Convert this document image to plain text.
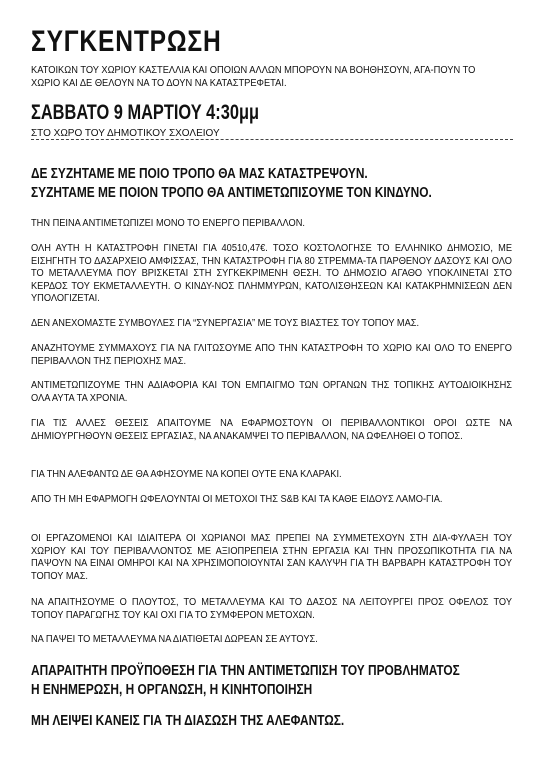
ΣΥΓΚΕΝΤΡΩΣΗ
ΚΑΤΟΙΚΩΝ ΤΟΥ ΧΩΡΙΟΥ ΚΑΣΤΕΛΛΙΑ ΚΑΙ ΟΠΟΙΩΝ ΑΛΛΩΝ ΜΠΟΡΟΥΝ ΝΑ ΒΟΗΘΗΣΟΥΝ, ΑΓΑ-ΠΟΥΝ ΤΟ ΧΩΡΙΟ ΚΑΙ ΔΕ ΘΕΛΟΥΝ ΝΑ ΤΟ ΔΟΥΝ ΝΑ ΚΑΤΑΣΤΡΕΦΕΤΑΙ.
ΣΑΒΒΑΤΟ 9 ΜΑΡΤΙΟΥ 4:30μμ
ΣΤΟ ΧΩΡΟ ΤΟΥ ΔΗΜΟΤΙΚΟΥ ΣΧΟΛΕΙΟΥ
ΔΕ ΣΥΖΗΤΑΜΕ ΜΕ ΠΟΙΟ ΤΡΟΠΟ ΘΑ ΜΑΣ ΚΑΤΑΣΤΡΕΨΟΥΝ.
ΣΥΖΗΤΑΜΕ ΜΕ ΠΟΙΟΝ ΤΡΟΠΟ ΘΑ ΑΝΤΙΜΕΤΩΠΙΣΟΥΜΕ ΤΟΝ ΚΙΝΔΥΝΟ.
ΤΗΝ ΠΕΙΝΑ ΑΝΤΙΜΕΤΩΠΙΖΕΙ ΜΟΝΟ ΤΟ ΕΝΕΡΓΟ ΠΕΡΙΒΑΛΛΟΝ.
ΟΛΗ ΑΥΤΗ Η ΚΑΤΑΣΤΡΟΦΗ ΓΙΝΕΤΑΙ ΓΙΑ 40510,47€. ΤΟΣΟ ΚΟΣΤΟΛΟΓΗΣΕ ΤΟ ΕΛΛΗΝΙΚΟ ΔΗΜΟΣΙΟ, ΜΕ ΕΙΣΗΓΗΤΗ ΤΟ ΔΑΣΑΡΧΕΙΟ ΑΜΦΙΣΣΑΣ, ΤΗΝ ΚΑΤΑΣΤΡΟΦΗ ΓΙΑ 80 ΣΤΡΕΜΜΑ-ΤΑ ΠΑΡΘΕΝΟΥ ΔΑΣΟΥΣ ΚΑΙ ΟΛΟ ΤΟ ΜΕΤΑΛΛΕΥΜΑ ΠΟΥ ΒΡΙΣΚΕΤΑΙ ΣΤΗ ΣΥΓΚΕΚΡΙΜΕΝΗ ΘΕΣΗ. ΤΟ ΔΗΜΟΣΙΟ ΑΓΑΘΟ ΥΠΟΚΛΙΝΕΤΑΙ ΣΤΟ ΚΕΡΔΟΣ ΤΟΥ ΕΚΜΕΤΑΛΛΕΥΤΗ. Ο ΚΙΝΔΥ-ΝΟΣ ΠΛΗΜΜΥΡΩΝ, ΚΑΤΟΛΙΣΘΗΣΕΩΝ ΚΑΙ ΚΑΤΑΚΡΗΜΝΙΣΕΩΝ ΔΕΝ ΥΠΟΛΟΓΙΖΕΤΑΙ.
ΔΕΝ ΑΝΕΧΟΜΑΣΤΕ ΣΥΜΒΟΥΛΕΣ ΓΙΑ “ΣΥΝΕΡΓΑΣΙΑ” ΜΕ ΤΟΥΣ ΒΙΑΣΤΕΣ ΤΟΥ ΤΟΠΟΥ ΜΑΣ.
ΑΝΑΖΗΤΟΥΜΕ ΣΥΜΜΑΧΟΥΣ ΓΙΑ ΝΑ ΓΛΙΤΩΣΟΥΜΕ ΑΠΟ ΤΗΝ ΚΑΤΑΣΤΡΟΦΗ ΤΟ ΧΩΡΙΟ ΚΑΙ ΟΛΟ ΤΟ ΕΝΕΡΓΟ ΠΕΡΙΒΑΛΛΟΝ ΤΗΣ ΠΕΡΙΟΧΗΣ ΜΑΣ.
ΑΝΤΙΜΕΤΩΠΙΖΟΥΜΕ ΤΗΝ ΑΔΙΑΦΟΡΙΑ ΚΑΙ ΤΟΝ ΕΜΠΑΙΓΜΟ ΤΩΝ ΟΡΓΑΝΩΝ ΤΗΣ ΤΟΠΙΚΗΣ ΑΥΤΟΔΙΟΙΚΗΣΗΣ ΟΛΑ ΑΥΤΑ ΤΑ ΧΡΟΝΙΑ.
ΓΙΑ ΤΙΣ ΑΛΛΕΣ ΘΕΣΕΙΣ ΑΠΑΙΤΟΥΜΕ ΝΑ ΕΦΑΡΜΟΣΤΟΥΝ ΟΙ ΠΕΡΙΒΑΛΛΟΝΤΙΚΟΙ ΟΡΟΙ ΩΣΤΕ ΝΑ ΔΗΜΙΟΥΡΓΗΘΟΥΝ ΘΕΣΕΙΣ ΕΡΓΑΣΙΑΣ, ΝΑ ΑΝΑΚΑΜΨΕΙ ΤΟ ΠΕΡΙΒΑΛΛΟΝ, ΝΑ ΩΦΕΛΗΘΕΙ Ο ΤΟΠΟΣ.
ΓΙΑ ΤΗΝ ΑΛΕΦΑΝΤΩ ΔΕ ΘΑ ΑΦΗΣΟΥΜΕ ΝΑ ΚΟΠΕΙ ΟΥΤΕ ΕΝΑ ΚΛΑΡΑΚΙ.
ΑΠΟ ΤΗ ΜΗ ΕΦΑΡΜΟΓΗ ΩΦΕΛΟΥΝΤΑΙ ΟΙ ΜΕΤΟΧΟΙ ΤΗΣ S&B ΚΑΙ ΤΑ ΚΑΘΕ ΕΙΔΟΥΣ ΛΑΜΟ-ΓΙΑ.
ΟΙ ΕΡΓΑΖΟΜΕΝΟΙ ΚΑΙ ΙΔΙΑΙΤΕΡΑ ΟΙ ΧΩΡΙΑΝΟΙ ΜΑΣ ΠΡΕΠΕΙ ΝΑ ΣΥΜΜΕΤΕΧΟΥΝ ΣΤΗ ΔΙΑ-ΦΥΛΑΞΗ ΤΟΥ ΧΩΡΙΟΥ ΚΑΙ ΤΟΥ ΠΕΡΙΒΑΛΛΟΝΤΟΣ ΜΕ ΑΞΙΟΠΡΕΠΕΙΑ ΣΤΗΝ ΕΡΓΑΣΙΑ ΚΑΙ ΤΗΝ ΠΡΟΣΩΠΙΚΟΤΗΤΑ ΓΙΑ ΝΑ ΠΑΨΟΥΝ ΝΑ ΕΙΝΑΙ ΟΜΗΡΟΙ ΚΑΙ ΝΑ ΧΡΗΣΙΜΟΠΟΙΟΥΝΤΑΙ ΣΑΝ ΚΑΛΥΨΗ ΓΙΑ ΤΗ ΒΑΡΒΑΡΗ ΚΑΤΑΣΤΡΟΦΗ ΤΟΥ ΤΟΠΟΥ ΜΑΣ.
ΝΑ ΑΠΑΙΤΗΣΟΥΜΕ Ο ΠΛΟΥΤΟΣ, ΤΟ ΜΕΤΑΛΛΕΥΜΑ ΚΑΙ ΤΟ ΔΑΣΟΣ ΝΑ ΛΕΙΤΟΥΡΓΕΙ ΠΡΟΣ ΟΦΕΛΟΣ ΤΟΥ ΤΟΠΟΥ ΠΑΡΑΓΩΓΗΣ ΤΟΥ ΚΑΙ ΟΧΙ ΓΙΑ ΤΟ ΣΥΜΦΕΡΟΝ ΜΕΤΟΧΩΝ.
ΝΑ ΠΑΨΕΙ ΤΟ ΜΕΤΑΛΛΕΥΜΑ ΝΑ ΔΙΑΤΙΘΕΤΑΙ ΔΩΡΕΑΝ ΣΕ ΑΥΤΟΥΣ.
ΑΠΑΡΑΙΤΗΤΗ ΠΡΟΫΠΟΘΕΣΗ ΓΙΑ ΤΗΝ ΑΝΤΙΜΕΤΩΠΙΣΗ ΤΟΥ ΠΡΟΒΛΗΜΑΤΟΣ
Η ΕΝΗΜΕΡΩΣΗ, Η ΟΡΓΑΝΩΣΗ, Η ΚΙΝΗΤΟΠΟΙΗΣΗ
ΜΗ ΛΕΙΨΕΙ ΚΑΝΕΙΣ ΓΙΑ ΤΗ ΔΙΑΣΩΣΗ ΤΗΣ ΑΛΕΦΑΝΤΩΣ.
